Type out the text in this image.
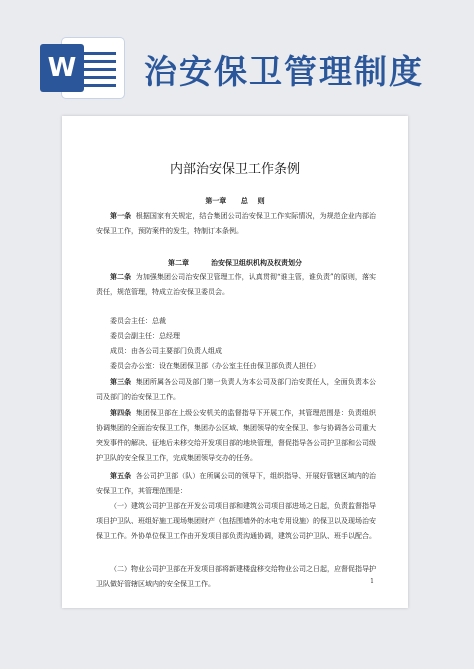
W 治安保卫管理制度
内部治安保卫工作条例
第一章      总    则

第一条 根据国家有关规定，结合集团公司治安保卫工作实际情况，为规范企业内部治安保卫工作，预防案件的发生，特制订本条例。

第二章         治安保卫组织机构及权责划分

第二条 为加强集团公司治安保卫管理工作，认真贯彻“谁主管，谁负责”的原则，落实责任，规范管理，特成立治安保卫委员会。

委员会主任：总裁
委员会副主任：总经理
成员：由各公司主要部门负责人组成
委员会办公室：设在集团保卫部（办公室主任由保卫部负责人担任）

第三条 集团所属各公司及部门第一负责人为本公司及部门治安责任人，全面负责本公司及部门的治安保卫工作。

第四条 集团保卫部在上级公安机关的监督指导下开展工作，其管理范围是：负责组织协调集团的全面治安保卫工作，集团办公区域、集团领导的安全保卫、参与协调各公司重大突发事件的解决、征地后未移交给开发项目部的地块管理，督促指导各公司护卫部和公司级护卫队的安全保卫工作，完成集团领导交办的任务。

第五条 各公司护卫部（队）在所属公司的领导下，组织指导、开展好管辖区域内的治安保卫工作，其管理范围是：

（一）建筑公司护卫部在开发公司项目部和建筑公司项目部进场之日起，负责监督指导项目护卫队、班组好施工现场集团财产（包括围墙外的水电专用设施）的保卫以及现场治安保卫工作。外协单位保卫工作由开发项目部负责沟通协调，建筑公司护卫队、班手以配合。

（二）物业公司护卫部在开发项目部将新建楼盘移交给物业公司之日起，应督促指导护卫队做好管辖区域内的安全保卫工作。	1
